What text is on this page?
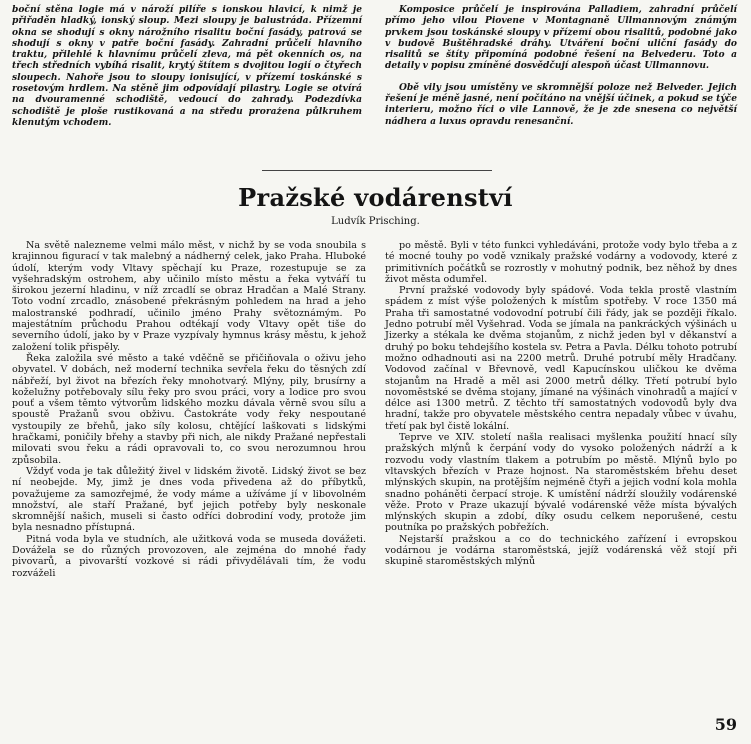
boční stěna logie má v nároží pilíře s ionskou hlavicí, k nimž je přiřaděn hladký, ionský sloup. Mezi sloupy je balustráda. Přízemní okna se shodují s okny nárožního risalitu boční fasády, patrová se shodují s okny v patře boční fasády. Zahradní průčelí hlavního traktu, přilehlé k hlavnímu průčelí zleva, má pět okenních os, na třech středních vybíhá risalit, krytý štítem s dvojitou logií o čtyřech sloupech. Nahoře jsou to sloupy ionisující, v přízemí toskánské s rosetovým hrdlem. Na stěně jim odpovídají pilastry. Logie se otvírá na dvouramenné schodiště, vedoucí do zahrady. Podezdívka schodiště je ploše rustikovaná a na středu prorażena půlkruhem klenutým vchodem.

Komposice průčelí je inspirována Palladiem, zahradní průčelí přímo jeho vilou Piovene v Montagnaně Ullmannovým známým prvkem jsou toskánské sloupy v přízemí obou risalitů, podobné jako v budově Buštěhradské dráhy. Utváření boční uliční fasády do risalitů se štíty připomíná podobné řešení na Belvederu. Toto a detaily v popisu zmíněné dosvědčují alespoň účast Ullmannovu.

Obě vily jsou umístěny ve skromnější poloze než Belveder. Jejich řešení je méně jasné, není počítáno na vnější účinek, a pokud se týče interieru, možno říci o vile Lannově, že je zde snesena co největší nádhera a luxus opravdu renesanční.

Pražské vodárenství
Ludvík Prisching.

Na světě nalezneme velmi málo měst, v nichž by se voda snoubila s krajinnou figurací v tak malebný a nádherný celek, jako Praha. Hluboké údolí, kterým vody Vltavy spěchají ku Praze, rozestupuje se za vyšehradským ostrohem, aby učinilo místo městu a řeka vytváří tu širokou jezerní hladinu, v níž zrcadlí se obraz Hradčan a Malé Strany. Toto vodní zrcadlo, znásobené překrásným pohledem na hrad a jeho malostranské podhradí, učinilo jméno Prahy světoznámým. Po majestátním průchodu Prahou odtékají vody Vltavy opět tiše do severního údolí, jako by v Praze vyzpívaly hymnus krásy městu, k jehož založení tolik přispěly.

Řeka založila své město a také vděčně se přičiňovala o oživu jeho obyvatel. V dobách, než moderní technika sevřela řeku do těsných zdí nábřeží, byl život na březích řeky mnohotvarý. Mlýny, pily, brusírny a koželužny potřebovaly sílu řeky pro svou práci, vory a lodice pro svou pouť a všem těmto výtvorům lidského mozku dávala věrně svou sílu a spoustě Pražanů svou obživu. Častokráte vody řeky nespoutané vystoupily ze břehů, jako síly kolosu, chtějící laškovati s lidskými hračkami, poničily břehy a stavby při nich, ale nikdy Pražané nepřestali milovati svou řeku a rádi opravovali to, co svou nerozumnou hrou způsobila.

Vždyť voda je tak důležitý živel v lidském životě. Lidský život se bez ní neobejde. My, jimž je dnes voda přivedena až do příbytků, považujeme za samozřejmé, že vody máme a užíváme jí v libovolném množství, ale staří Pražané, byť jejich potřeby byly neskonale skromnější našich, museli si často odříci dobrodiní vody, protože jim byla nesnadno přístupná.

Pitná voda byla ve studních, ale užitková voda se museda dovážeti. Dovážela se do různých provozoven, ale zejména do mnohé řady pivovarů, a pivovarští vozkové si rádi přivydělávali tím, že vodu rozváželi

po městě. Byli v této funkci vyhledáváni, protože vody bylo třeba a z té mocné touhy po vodě vznikaly pražské vodárny a vodovody, které z primitivních počátků se rozrostly v mohutný podnik, bez něhož by dnes život města odumřel.

První pražské vodovody byly spádové. Voda tekla prostě vlastním spádem z míst výše položených k místům spotřeby. V roce 1350 má Praha tři samostatné vodovodní potrubí čili řády, jak se později říkalo. Jedno potrubí měl Vyšehrad. Voda se jímala na pankráckých výšinách u Jizerky a stékala ke dvěma stojanům, z nichž jeden byl v děkanství a druhý po boku tehdejšího kostela sv. Petra a Pavla. Délku tohoto potrubí možno odhadnouti asi na 2200 metrů. Druhé potrubí měly Hradčany. Vodovod začínal v Břevnově, vedl Kapucínskou uličkou ke dvěma stojanům na Hradě a měl asi 2000 metrů délky. Třetí potrubí bylo novoměstské se dvěma stojany, jímané na výšinách vinohradů a mající v délce asi 1300 metrů. Z těchto tří samostatných vodovodů byly dva hradní, takže pro obyvatele městského centra nepadaly vůbec v úvahu, třetí pak byl čistě lokální.

Teprve ve XIV. století našla realisaci myšlenka použití hnací síly pražských mlýnů k čerpání vody do vysoko položených nádrží a k rozvodu vody vlastním tlakem a potrubím po městě. Mlýnů bylo po vltavských březích v Praze hojnost. Na staroměstském břehu deset mlýnských skupin, na protějším nejméně čtyři a jejich vodní kola mohla snadno poháněti čerpací stroje. K umístění nádrží sloužily vodárenské věže. Proto v Praze ukazují bývalé vodárenské věže místa bývalých mlýnských skupin a zdobí, díky osudu celkem neporušené, cestu poutníka po pražských pobřežích.

Nejstarší pražskou a co do technického zařízení i evropskou vodárnou je vodárna staroměstská, jejíž vodárenská věž stojí při skupině staroměstských mlýnů

59
